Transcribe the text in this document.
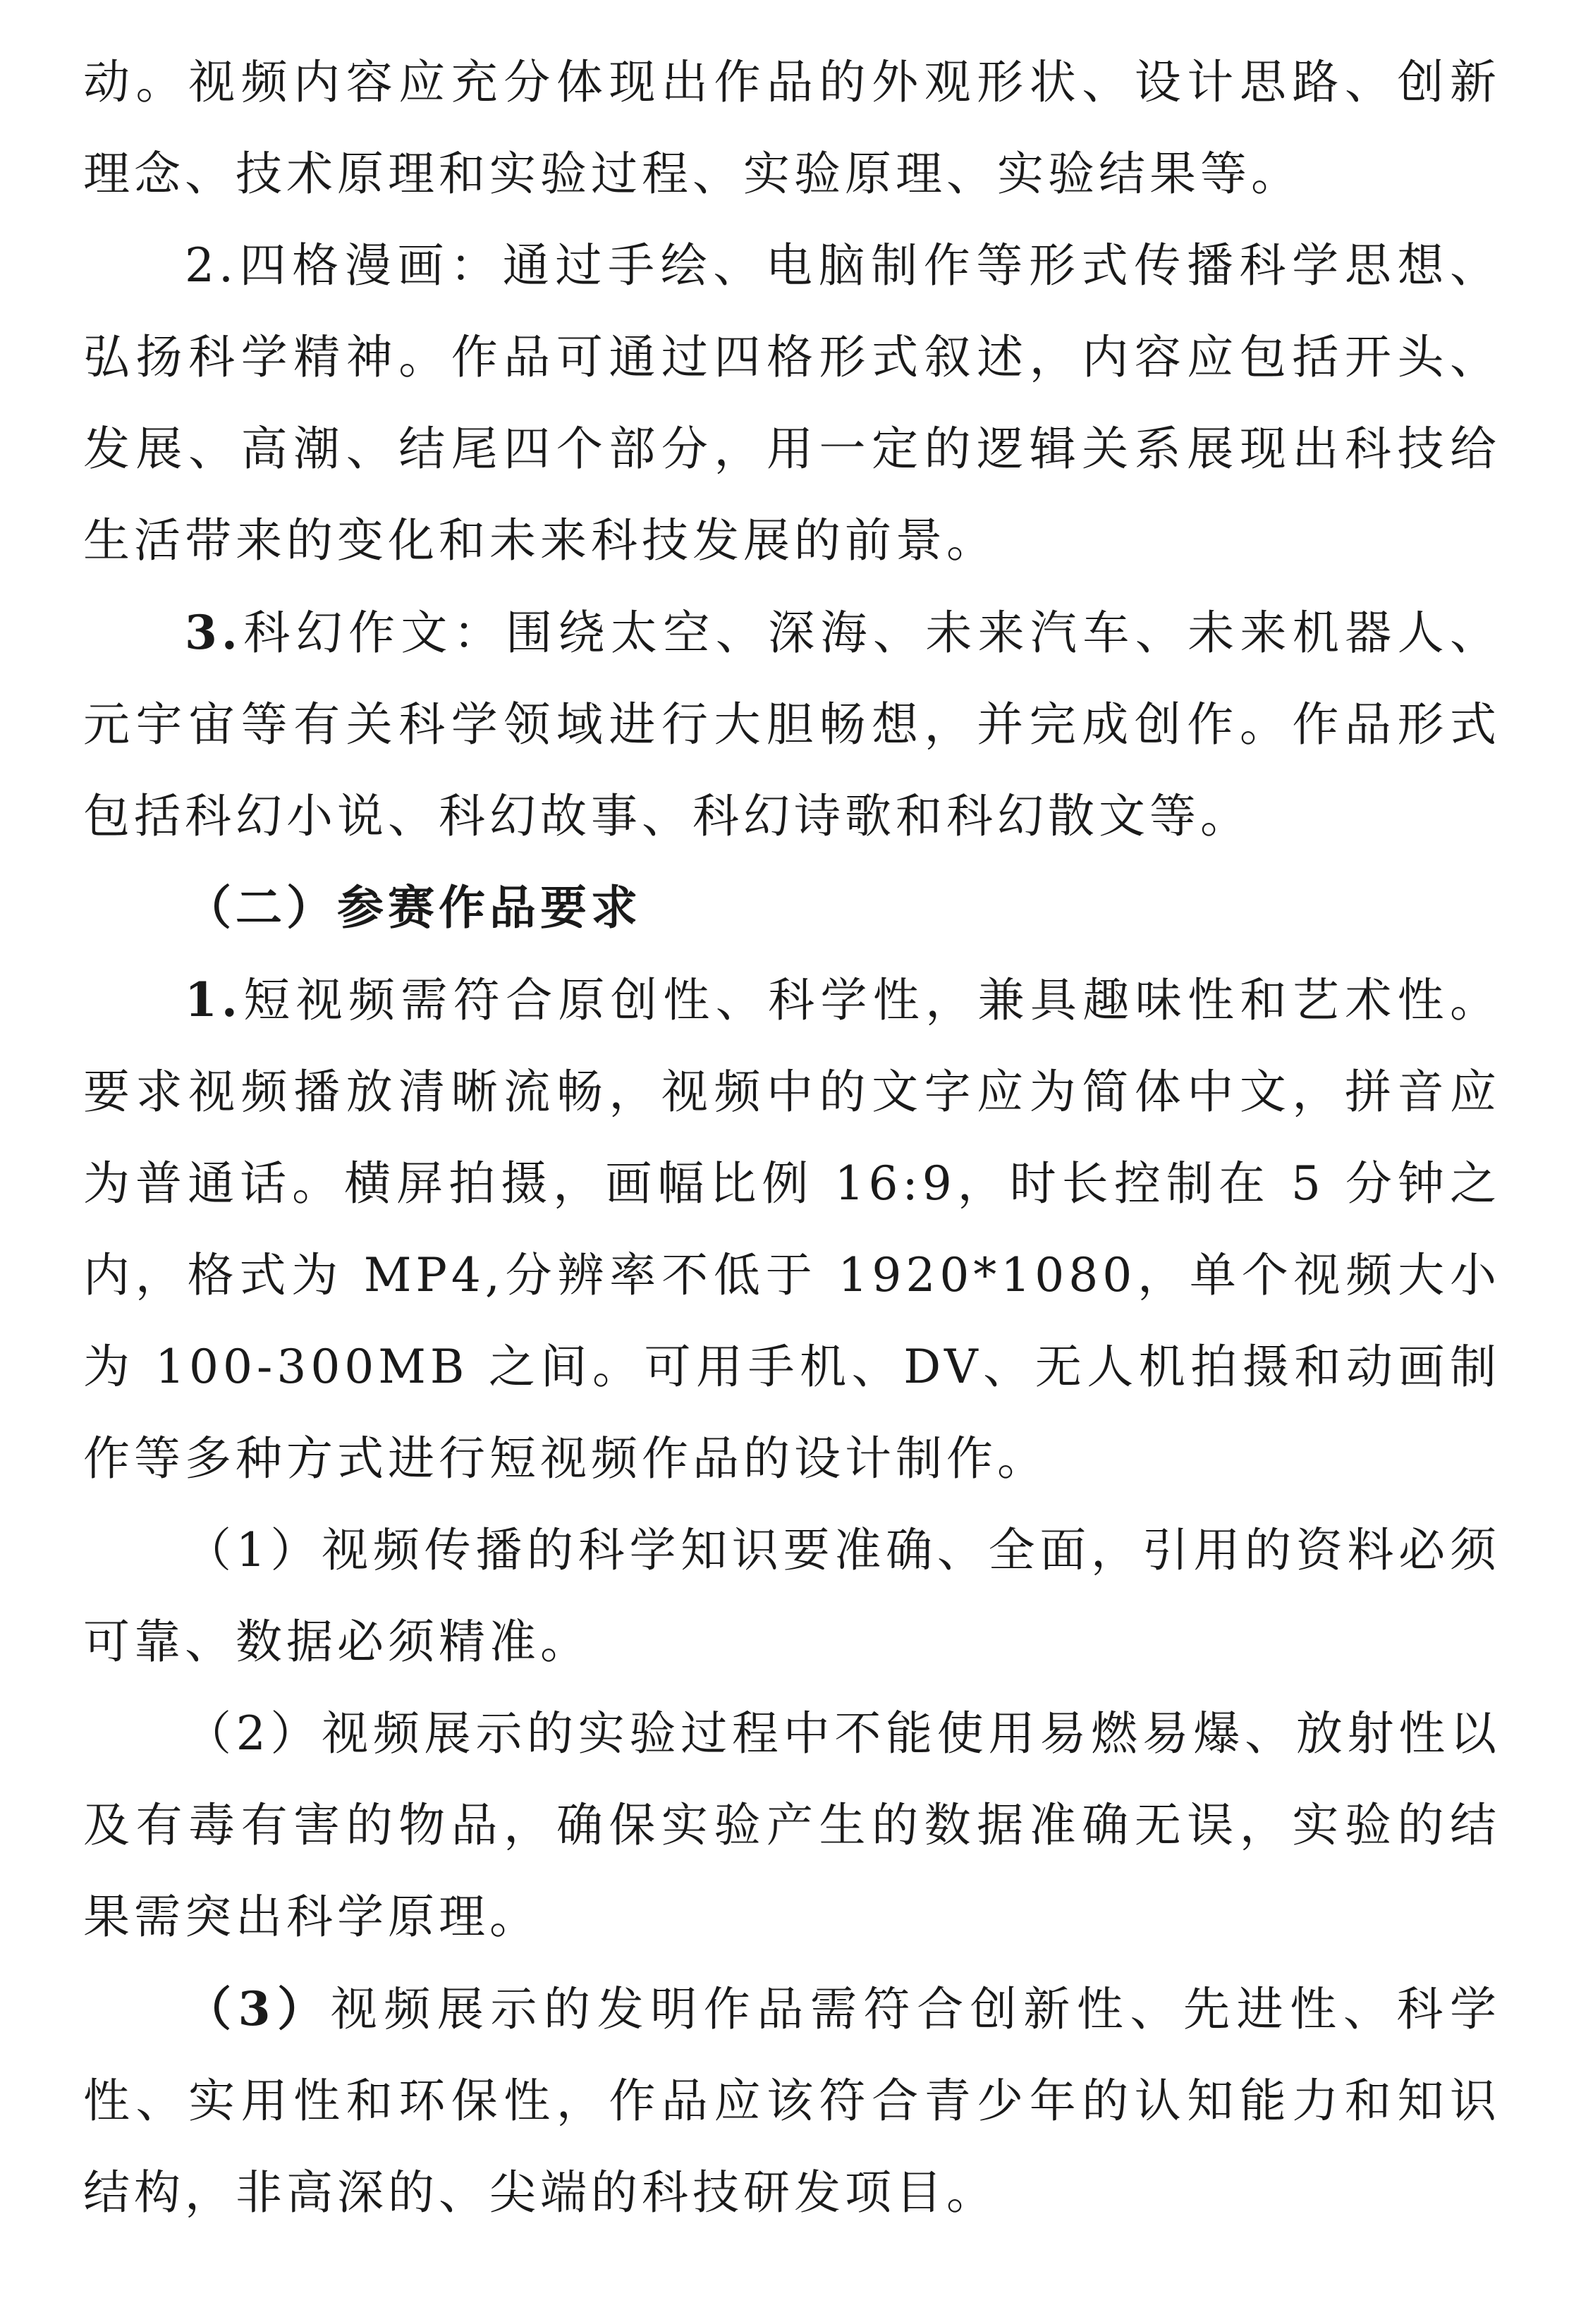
动。视频内容应充分体现出作品的外观形状、设计思路、创新理念、技术原理和实验过程、实验原理、实验结果等。

2.四格漫画：通过手绘、电脑制作等形式传播科学思想、弘扬科学精神。作品可通过四格形式叙述，内容应包括开头、发展、高潮、结尾四个部分，用一定的逻辑关系展现出科技给生活带来的变化和未来科技发展的前景。

3.科幻作文：围绕太空、深海、未来汽车、未来机器人、元宇宙等有关科学领域进行大胆畅想，并完成创作。作品形式包括科幻小说、科幻故事、科幻诗歌和科幻散文等。

（二）参赛作品要求

1.短视频需符合原创性、科学性，兼具趣味性和艺术性。要求视频播放清晰流畅，视频中的文字应为简体中文，拼音应为普通话。横屏拍摄，画幅比例 16:9，时长控制在 5 分钟之内，格式为 MP4,分辨率不低于 1920*1080，单个视频大小为 100-300MB 之间。可用手机、DV、无人机拍摄和动画制作等多种方式进行短视频作品的设计制作。

（1）视频传播的科学知识要准确、全面，引用的资料必须可靠、数据必须精准。

（2）视频展示的实验过程中不能使用易燃易爆、放射性以及有毒有害的物品，确保实验产生的数据准确无误，实验的结果需突出科学原理。

（3）视频展示的发明作品需符合创新性、先进性、科学性、实用性和环保性，作品应该符合青少年的认知能力和知识结构，非高深的、尖端的科技研发项目。
